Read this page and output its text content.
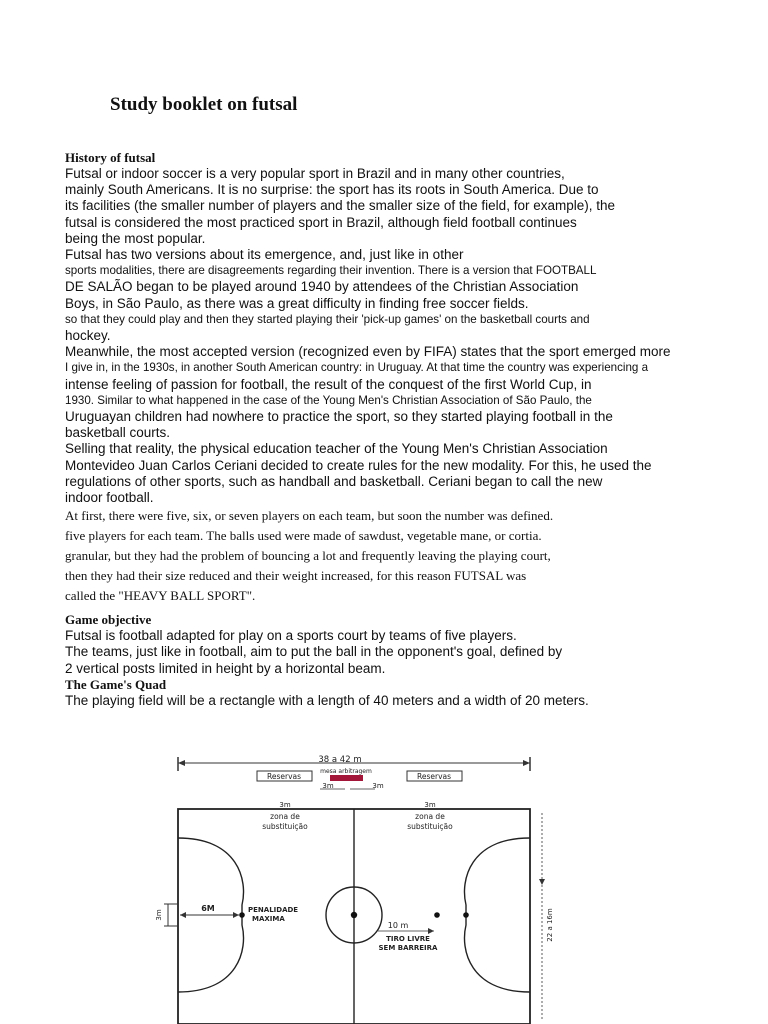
Study booklet on futsal
History of futsal
Futsal or indoor soccer is a very popular sport in Brazil and in many other countries,
mainly South Americans. It is no surprise: the sport has its roots in South America. Due to
its facilities (the smaller number of players and the smaller size of the field, for example), the
futsal is considered the most practiced sport in Brazil, although field football continues
being the most popular.
Futsal has two versions about its emergence, and, just like in other
sports modalities, there are disagreements regarding their invention. There is a version that FOOTBALL
DE SALÃO began to be played around 1940 by attendees of the Christian Association
Boys, in São Paulo, as there was a great difficulty in finding free soccer fields.
so that they could play and then they started playing their 'pick-up games' on the basketball courts and
hockey.
Meanwhile, the most accepted version (recognized even by FIFA) states that the sport emerged more
I give in, in the 1930s, in another South American country: in Uruguay. At that time the country was experiencing a
intense feeling of passion for football, the result of the conquest of the first World Cup, in
1930. Similar to what happened in the case of the Young Men's Christian Association of São Paulo, the
Uruguayan children had nowhere to practice the sport, so they started playing football in the
basketball courts.
Selling that reality, the physical education teacher of the Young Men's Christian Association
Montevideo Juan Carlos Ceriani decided to create rules for the new modality. For this, he used the
regulations of other sports, such as handball and basketball. Ceriani began to call the new
indoor football.
At first, there were five, six, or seven players on each team, but soon the number was defined.
five players for each team. The balls used were made of sawdust, vegetable mane, or cortia.
granular, but they had the problem of bouncing a lot and frequently leaving the playing court,
then they had their size reduced and their weight increased, for this reason FUTSAL was
called the "HEAVY BALL SPORT".
Game objective
Futsal is football adapted for play on a sports court by teams of five players.
The teams, just like in football, aim to put the ball in the opponent's goal, defined by
2 vertical posts limited in height by a horizontal beam.
The Game's Quad
The playing field will be a rectangle with a length of 40 meters and a width of 20 meters.
38 a 42 m
Reservas	Reservas
mesa arbitragem
3m	3m
3m
zona de
substituição
3m
zona de
substituição
3m
6M	PENALIDADE
MAXIMA
10 m
TIRO LIVRE
SEM BARREIRA
22 a 16m
